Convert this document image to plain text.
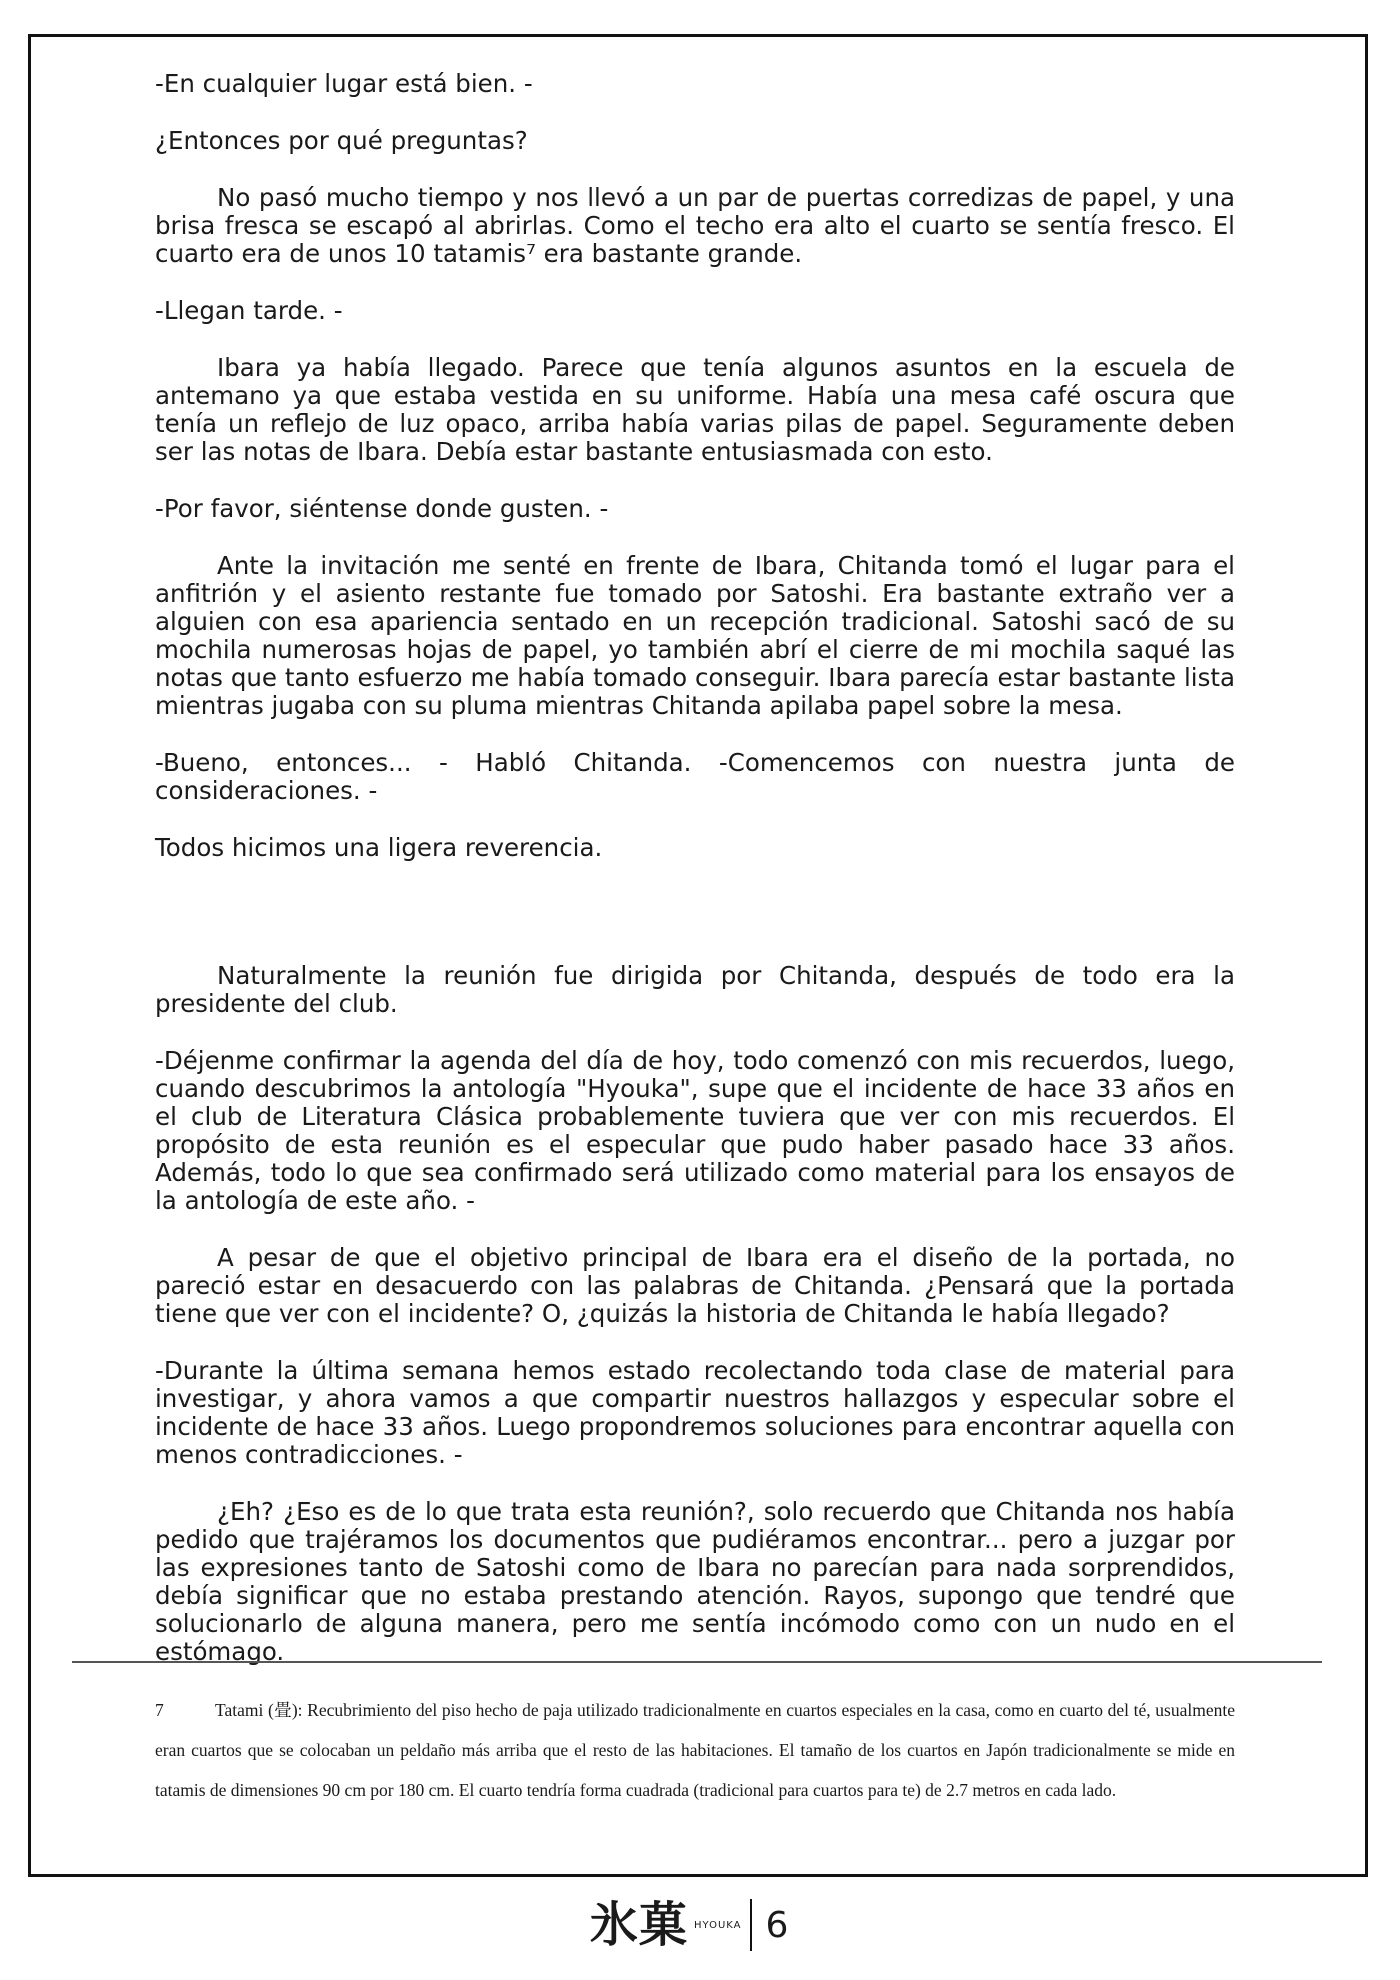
-En cualquier lugar está bien. -

¿Entonces por qué preguntas?

No pasó mucho tiempo y nos llevó a un par de puertas corredizas de papel, y una brisa fresca se escapó al abrirlas. Como el techo era alto el cuarto se sentía fresco. El cuarto era de unos 10 tatamis⁷ era bastante grande.

-Llegan tarde. -

Ibara ya había llegado. Parece que tenía algunos asuntos en la escuela de antemano ya que estaba vestida en su uniforme. Había una mesa café oscura que tenía un reflejo de luz opaco, arriba había varias pilas de papel. Seguramente deben ser las notas de Ibara. Debía estar bastante entusiasmada con esto.

-Por favor, siéntense donde gusten. -

Ante la invitación me senté en frente de Ibara, Chitanda tomó el lugar para el anfitrión y el asiento restante fue tomado por Satoshi. Era bastante extraño ver a alguien con esa apariencia sentado en un recepción tradicional. Satoshi sacó de su mochila numerosas hojas de papel, yo también abrí el cierre de mi mochila saqué las notas que tanto esfuerzo me había tomado conseguir. Ibara parecía estar bastante lista mientras jugaba con su pluma mientras Chitanda apilaba papel sobre la mesa.

-Bueno, entonces... - Habló Chitanda. -Comencemos con nuestra junta de consideraciones. -

Todos hicimos una ligera reverencia.

Naturalmente la reunión fue dirigida por Chitanda, después de todo era la presidente del club.

-Déjenme confirmar la agenda del día de hoy, todo comenzó con mis recuerdos, luego, cuando descubrimos la antología "Hyouka", supe que el incidente de hace 33 años en el club de Literatura Clásica probablemente tuviera que ver con mis recuerdos. El propósito de esta reunión es el especular que pudo haber pasado hace 33 años. Además, todo lo que sea confirmado será utilizado como material para los ensayos de la antología de este año. -

A pesar de que el objetivo principal de Ibara era el diseño de la portada, no pareció estar en desacuerdo con las palabras de Chitanda. ¿Pensará que la portada tiene que ver con el incidente? O, ¿quizás la historia de Chitanda le había llegado?

-Durante la última semana hemos estado recolectando toda clase de material para investigar, y ahora vamos a que compartir nuestros hallazgos y especular sobre el incidente de hace 33 años. Luego propondremos soluciones para encontrar aquella con menos contradicciones. -

¿Eh? ¿Eso es de lo que trata esta reunión?, solo recuerdo que Chitanda nos había pedido que trajéramos los documentos que pudiéramos encontrar... pero a juzgar por las expresiones tanto de Satoshi como de Ibara no parecían para nada sorprendidos, debía significar que no estaba prestando atención. Rayos, supongo que tendré que solucionarlo de alguna manera, pero me sentía incómodo como con un nudo en el estómago.

7	Tatami (畳): Recubrimiento del piso hecho de paja utilizado tradicionalmente en cuartos especiales en la casa, como en cuarto del té, usualmente eran cuartos que se colocaban un peldaño más arriba que el resto de las habitaciones. El tamaño de los cuartos en Japón tradicionalmente se mide en tatamis de dimensiones 90 cm por 180 cm. El cuarto tendría forma cuadrada (tradicional para cuartos para te) de 2.7 metros en cada lado.
氷菓 HYOUKA 6
